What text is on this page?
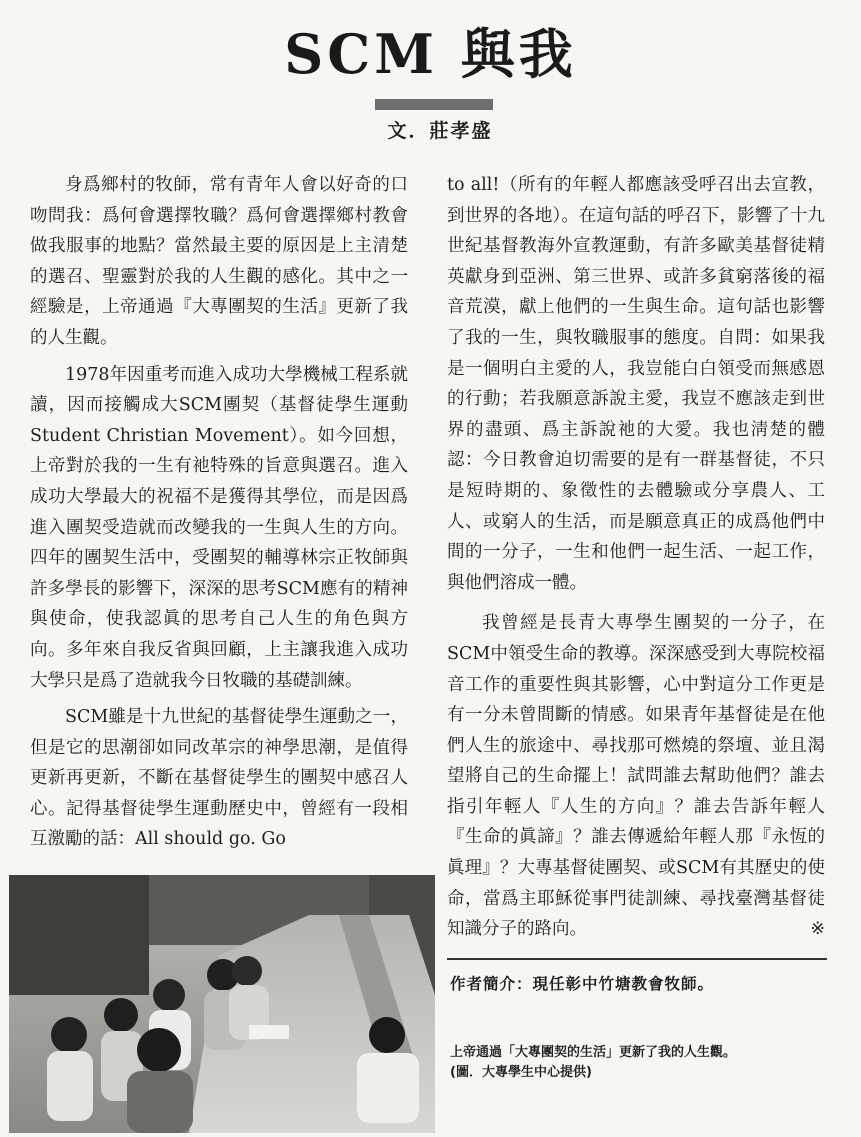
SCM 與我

文．莊孝盛

身爲鄉村的牧師，常有青年人會以好奇的口吻問我：爲何會選擇牧職？爲何會選擇鄉村教會做我服事的地點？當然最主要的原因是上主清楚的選召、聖靈對於我的人生觀的感化。其中之一經驗是，上帝通過『大專團契的生活』更新了我的人生觀。

1978年因重考而進入成功大學機械工程系就讀，因而接觸成大SCM團契（基督徒學生運動Student Christian Movement）。如今回想，上帝對於我的一生有祂特殊的旨意與選召。進入成功大學最大的祝福不是獲得其學位，而是因爲進入團契受造就而改變我的一生與人生的方向。四年的團契生活中，受團契的輔導林宗正牧師與許多學長的影響下，深深的思考SCM應有的精神與使命，使我認眞的思考自己人生的角色與方向。多年來自我反省與回顧，上主讓我進入成功大學只是爲了造就我今日牧職的基礎訓練。

SCM雖是十九世紀的基督徒學生運動之一，但是它的思潮卻如同改革宗的神學思潮，是值得更新再更新，不斷在基督徒學生的團契中感召人心。記得基督徒學生運動歷史中，曾經有一段相互激勵的話：All should go. Go

to all!（所有的年輕人都應該受呼召出去宣教，到世界的各地）。在這句話的呼召下，影響了十九世紀基督教海外宣教運動，有許多歐美基督徒精英獻身到亞洲、第三世界、或許多貧窮落後的福音荒漠，獻上他們的一生與生命。這句話也影響了我的一生，與牧職服事的態度。自問：如果我是一個明白主愛的人，我豈能白白領受而無感恩的行動；若我願意訴說主愛，我豈不應該走到世界的盡頭、爲主訴說祂的大愛。我也淸楚的體認：今日教會迫切需要的是有一群基督徒，不只是短時期的、象徵性的去體驗或分享農人、工人、或窮人的生活，而是願意真正的成爲他們中間的一分子，一生和他們一起生活、一起工作，與他們溶成一體。

我曾經是長青大專學生團契的一分子，在SCM中領受生命的教導。深深感受到大專院校福音工作的重要性與其影響，心中對這分工作更是有一分未曾間斷的情感。如果青年基督徒是在他們人生的旅途中、尋找那可燃燒的祭壇、並且渴望將自己的生命擺上！試問誰去幫助他們？誰去指引年輕人『人生的方向』？誰去告訴年輕人『生命的眞諦』？誰去傳遞給年輕人那『永恆的眞理』？大專基督徒團契、或SCM有其歷史的使命，當爲主耶穌從事門徒訓練、尋找臺灣基督徒知識分子的路向。	※

作者簡介：現任彰中竹塘教會牧師。

上帝通過「大專團契的生活」更新了我的人生觀。

(圖．大專學生中心提供)
